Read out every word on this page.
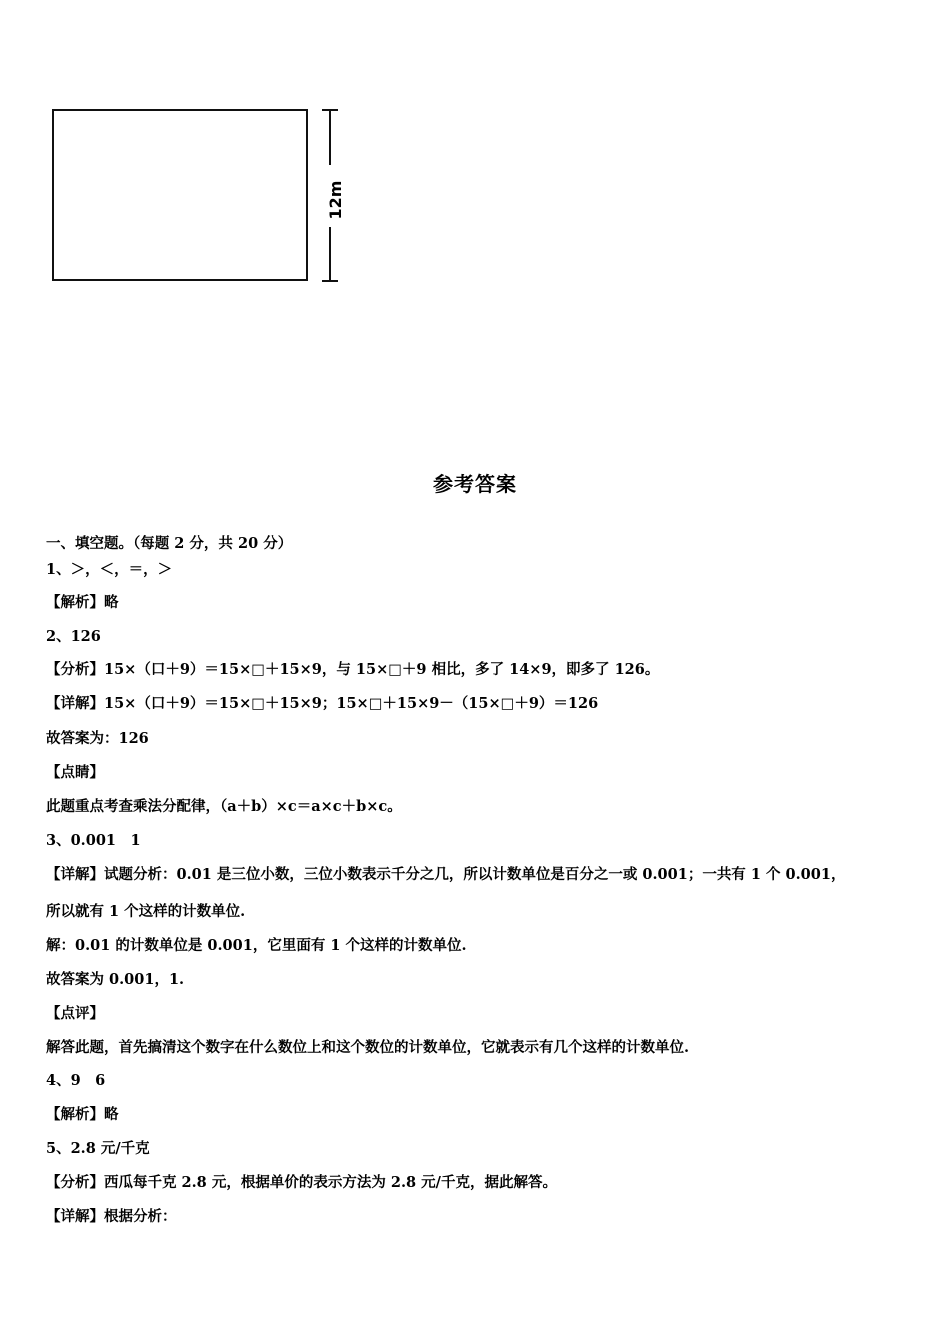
12m
参考答案
一、填空题。（每题 2 分，共 20 分）
1、＞，＜，＝，＞
【解析】略
2、126
【分析】15×（口＋9）＝15×□＋15×9，与 15×□＋9 相比，多了 14×9，即多了 126。
【详解】15×（口＋9）＝15×□＋15×9；15×□＋15×9－（15×□＋9）＝126
故答案为：126
【点睛】
此题重点考查乘法分配律，（a＋b）×c＝a×c＋b×c。
3、0.001　1
【详解】试题分析：0.01 是三位小数，三位小数表示千分之几，所以计数单位是百分之一或 0.001；一共有 1 个 0.001，
所以就有 1 个这样的计数单位.
解：0.01 的计数单位是 0.001，它里面有 1 个这样的计数单位.
故答案为 0.001，1.
【点评】
解答此题，首先搞清这个数字在什么数位上和这个数位的计数单位，它就表示有几个这样的计数单位.
4、9　6
【解析】略
5、2.8 元/千克
【分析】西瓜每千克 2.8 元，根据单价的表示方法为 2.8 元/千克，据此解答。
【详解】根据分析：
